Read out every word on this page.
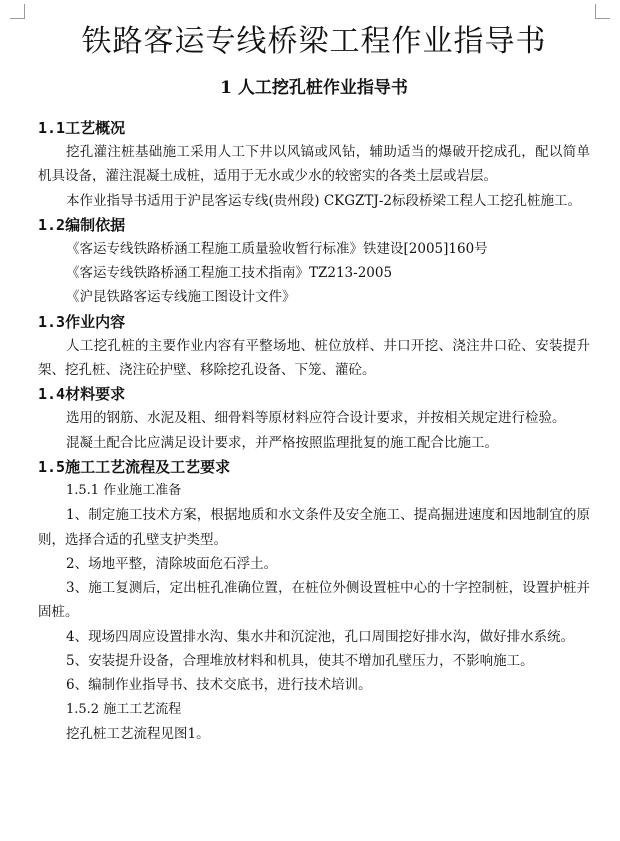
铁路客运专线桥梁工程作业指导书
1 人工挖孔桩作业指导书
1.1工艺概况

挖孔灌注桩基础施工采用人工下井以风镐或风钻，辅助适当的爆破开挖成孔，配以简单机具设备，灌注混凝土成桩，适用于无水或少水的较密实的各类土层或岩层。

本作业指导书适用于沪昆客运专线(贵州段) CKGZTJ-2标段桥梁工程人工挖孔桩施工。

1.2编制依据

《客运专线铁路桥涵工程施工质量验收暂行标准》铁建设[2005]160号

《客运专线铁路桥涵工程施工技术指南》TZ213-2005

《沪昆铁路客运专线施工图设计文件》

1.3作业内容

人工挖孔桩的主要作业内容有平整场地、桩位放样、井口开挖、浇注井口砼、安装提升架、挖孔桩、浇注砼护壁、移除挖孔设备、下笼、灌砼。

1.4材料要求

选用的钢筋、水泥及粗、细骨料等原材料应符合设计要求，并按相关规定进行检验。

混凝土配合比应满足设计要求，并严格按照监理批复的施工配合比施工。

1.5施工工艺流程及工艺要求
1.5.1 作业施工准备

1、制定施工技术方案，根据地质和水文条件及安全施工、提高掘进速度和因地制宜的原则，选择合适的孔壁支护类型。

2、场地平整，清除坡面危石浮土。

3、施工复测后，定出桩孔准确位置，在桩位外侧设置桩中心的十字控制桩，设置护桩并固桩。

4、现场四周应设置排水沟、集水井和沉淀池，孔口周围挖好排水沟，做好排水系统。

5、安装提升设备，合理堆放材料和机具，使其不增加孔壁压力，不影响施工。

6、编制作业指导书、技术交底书，进行技术培训。

1.5.2 施工工艺流程

挖孔桩工艺流程见图1。
